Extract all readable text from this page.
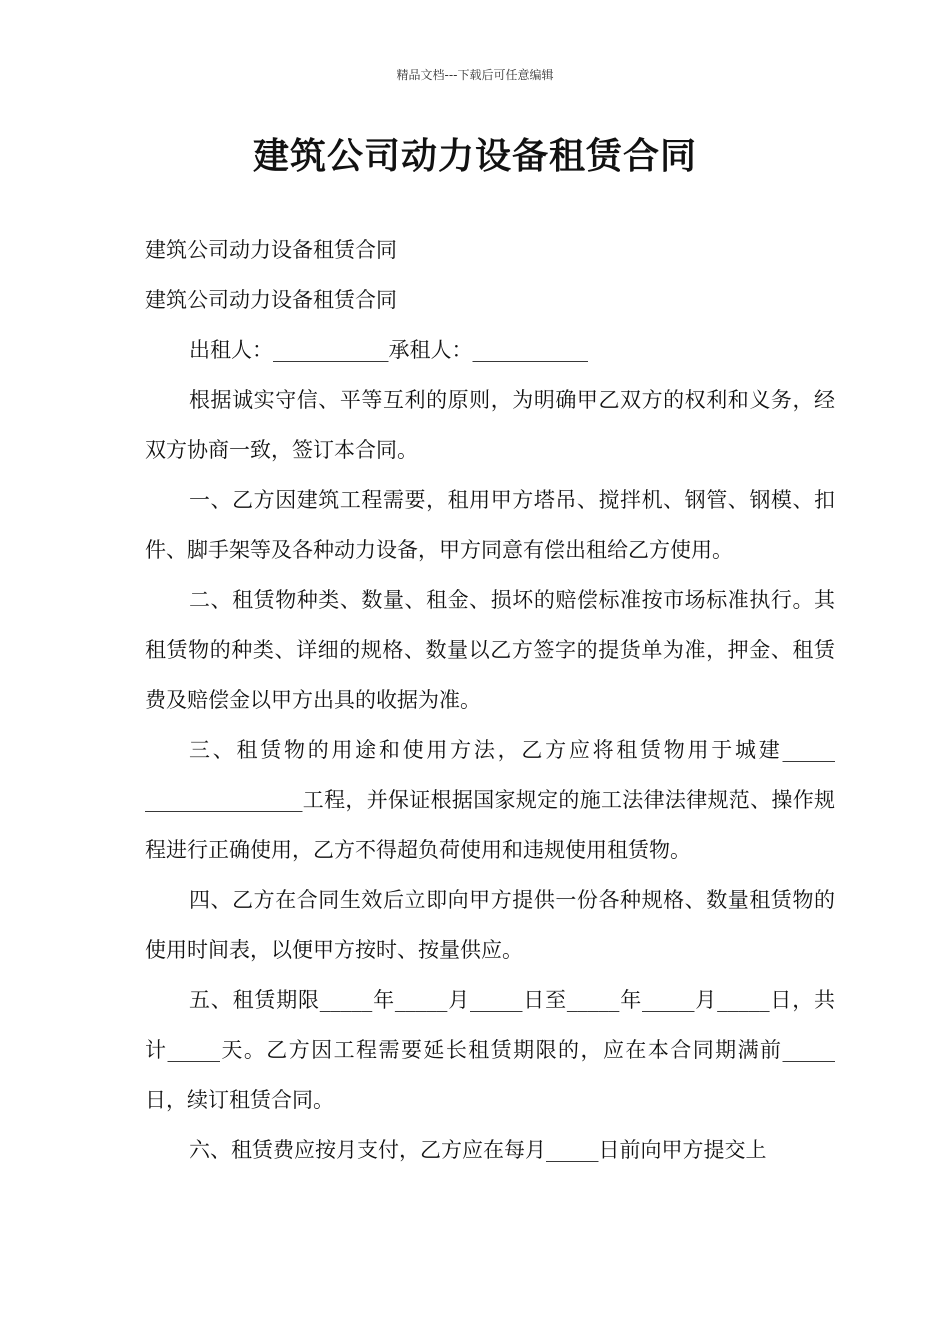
精品文档---下载后可任意编辑
建筑公司动力设备租赁合同

建筑公司动力设备租赁合同

建筑公司动力设备租赁合同

出租人：___________承租人：___________

根据诚实守信、平等互利的原则，为明确甲乙双方的权利和义务，经双方协商一致，签订本合同。

一、乙方因建筑工程需要，租用甲方塔吊、搅拌机、钢管、钢模、扣件、脚手架等及各种动力设备，甲方同意有偿出租给乙方使用。

二、租赁物种类、数量、租金、损坏的赔偿标准按市场标准执行。其租赁物的种类、详细的规格、数量以乙方签字的提货单为准，押金、租赁费及赔偿金以甲方出具的收据为准。

三、租赁物的用途和使用方法，乙方应将租赁物用于城建_____ _______________工程，并保证根据国家规定的施工法律法律规范、操作规程进行正确使用，乙方不得超负荷使用和违规使用租赁物。

四、乙方在合同生效后立即向甲方提供一份各种规格、数量租赁物的使用时间表，以便甲方按时、按量供应。

五、租赁期限_____年_____月_____日至_____年_____月_____日，共计_____天。乙方因工程需要延长租赁期限的，应在本合同期满前_____日，续订租赁合同。

六、租赁费应按月支付，乙方应在每月_____日前向甲方提交上
